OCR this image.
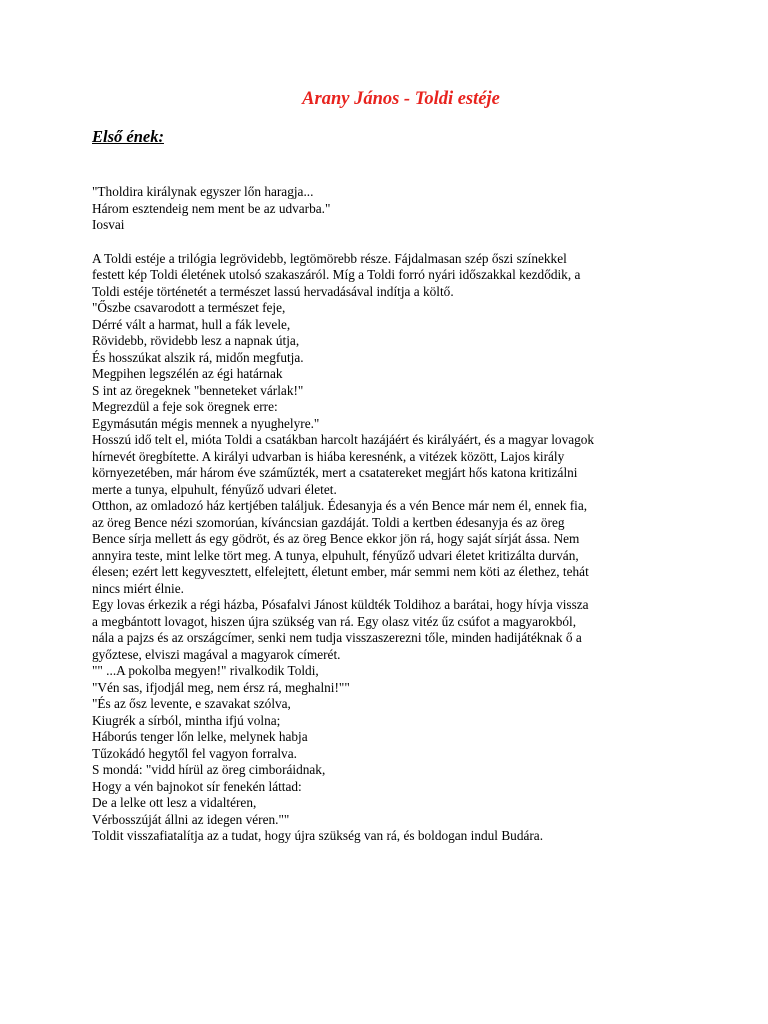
Arany János - Toldi estéje
Első ének:
"Tholdira királynak egyszer lőn haragja...
Három esztendeig nem ment be az udvarba."
Iosvai
A Toldi estéje a trilógia legrövidebb, legtömörebb része. Fájdalmasan szép őszi színekkel
festett kép Toldi életének utolsó szakaszáról. Míg a Toldi forró nyári időszakkal kezdődik, a
Toldi estéje történetét a természet lassú hervadásával indítja a költő.
"Őszbe csavarodott a természet feje,
Dérré vált a harmat, hull a fák levele,
Rövidebb, rövidebb lesz a napnak útja,
És hosszúkat alszik rá, midőn megfutja.
Megpihen legszélén az égi határnak
S int az öregeknek "benneteket várlak!"
Megrezdül a feje sok öregnek erre:
Egymásután mégis mennek a nyughelyre."
Hosszú idő telt el, mióta Toldi a csatákban harcolt hazájáért és királyáért, és a magyar lovagok
hírnevét öregbítette. A királyi udvarban is hiába keresnénk, a vitézek között, Lajos király
környezetében, már három éve száműzték, mert a csatatereket megjárt hős katona kritizálni
merte a tunya, elpuhult, fényűző udvari életet.
Otthon, az omladozó ház kertjében találjuk. Édesanyja és a vén Bence már nem él, ennek fia,
az öreg Bence nézi szomorúan, kíváncsian gazdáját. Toldi a kertben édesanyja és az öreg
Bence sírja mellett ás egy gödröt, és az öreg Bence ekkor jön rá, hogy saját sírját ássa. Nem
annyira teste, mint lelke tört meg. A tunya, elpuhult, fényűző udvari életet kritizálta durván,
élesen; ezért lett kegyvesztett, elfelejtett, életunt ember, már semmi nem köti az élethez, tehát
nincs miért élnie.
Egy lovas érkezik a régi házba, Pósafalvi Jánost küldték Toldihoz a barátai, hogy hívja vissza
a megbántott lovagot, hiszen újra szükség van rá. Egy olasz vitéz űz csúfot a magyarokból,
nála a pajzs és az országcímer, senki nem tudja visszaszerezni tőle, minden hadijátéknak ő a
győztese, elviszi magával a magyarok címerét.
"" ...A pokolba megyen!" rivalkodik Toldi,
"Vén sas, ifjodjál meg, nem érsz rá, meghalni!""
"És az ősz levente, e szavakat szólva,
Kiugrék a sírból, mintha ifjú volna;
Háborús tenger lőn lelke, melynek habja
Tűzokádó hegytől fel vagyon forralva.
S mondá: "vidd hírül az öreg cimboráidnak,
Hogy a vén bajnokot sír fenekén láttad:
De a lelke ott lesz a vidaltéren,
Vérbosszúját állni az idegen véren.""
Toldit visszafiatalítja az a tudat, hogy újra szükség van rá, és boldogan indul Budára.
